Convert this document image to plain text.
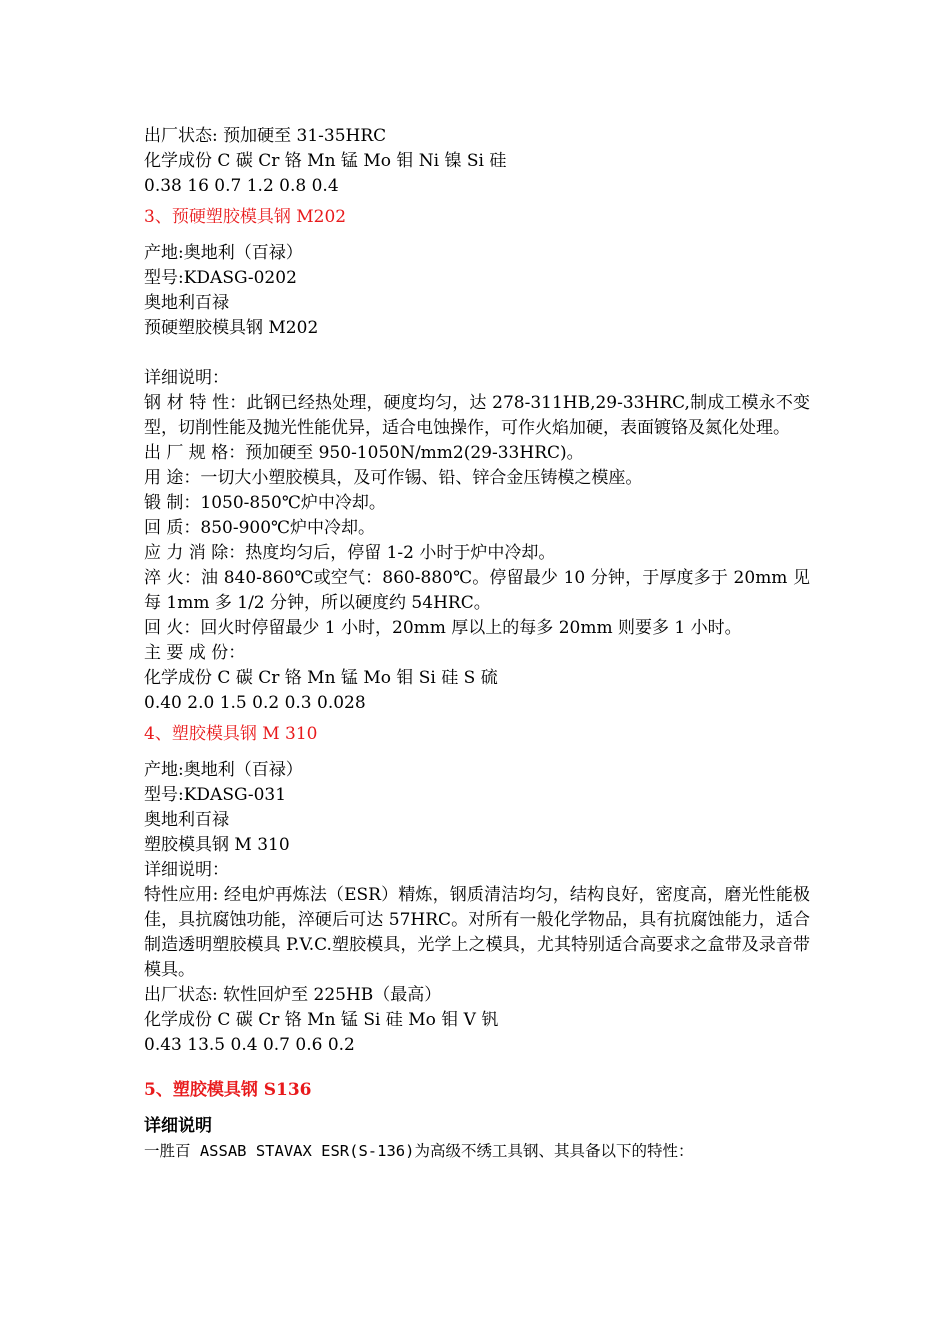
出厂状态: 预加硬至 31-35HRC
化学成份 C 碳 Cr 铬 Mn 锰 Mo 钼 Ni 镍 Si 硅
0.38 16 0.7 1.2 0.8 0.4
3、预硬塑胶模具钢 M202
产地:奥地利（百禄）
型号:KDASG-0202
奥地利百禄
预硬塑胶模具钢 M202
详细说明：
钢 材 特 性：此钢已经热处理，硬度均匀，达 278-311HB,29-33HRC,制成工模永不变型，切削性能及抛光性能优异，适合电蚀操作，可作火焰加硬，表面镀铬及氮化处理。
出 厂 规 格：预加硬至 950-1050N/mm2(29-33HRC)。
用 途：一切大小塑胶模具，及可作锡、铅、锌合金压铸模之模座。
锻 制：1050-850℃炉中冷却。
回 质：850-900℃炉中冷却。
应 力 消 除：热度均匀后，停留 1-2 小时于炉中冷却。
淬 火：油 840-860℃或空气：860-880℃。停留最少 10 分钟，于厚度多于 20mm 见每 1mm 多 1/2 分钟，所以硬度约 54HRC。
回 火：回火时停留最少 1 小时，20mm 厚以上的每多 20mm 则要多 1 小时。
主 要 成 份：
化学成份 C 碳 Cr 铬 Mn 锰 Mo 钼 Si 硅 S 硫
0.40 2.0 1.5 0.2 0.3 0.028
4、塑胶模具钢 M 310
产地:奥地利（百禄）
型号:KDASG-031
奥地利百禄
塑胶模具钢 M 310
详细说明：
特性应用: 经电炉再炼法（ESR）精炼，钢质清洁均匀，结构良好，密度高，磨光性能极佳，具抗腐蚀功能，淬硬后可达 57HRC。对所有一般化学物品，具有抗腐蚀能力，适合制造透明塑胶模具 P.V.C.塑胶模具，光学上之模具，尤其特别适合高要求之盒带及录音带模具。
出厂状态: 软性回炉至 225HB（最高）
化学成份 C 碳 Cr 铬 Mn 锰 Si 硅 Mo 钼 V 钒
0.43 13.5 0.4 0.7 0.6 0.2
5、塑胶模具钢 S136
详细说明
一胜百 ASSAB STAVAX ESR(S-136)为高级不绣工具钢、其具备以下的特性：
